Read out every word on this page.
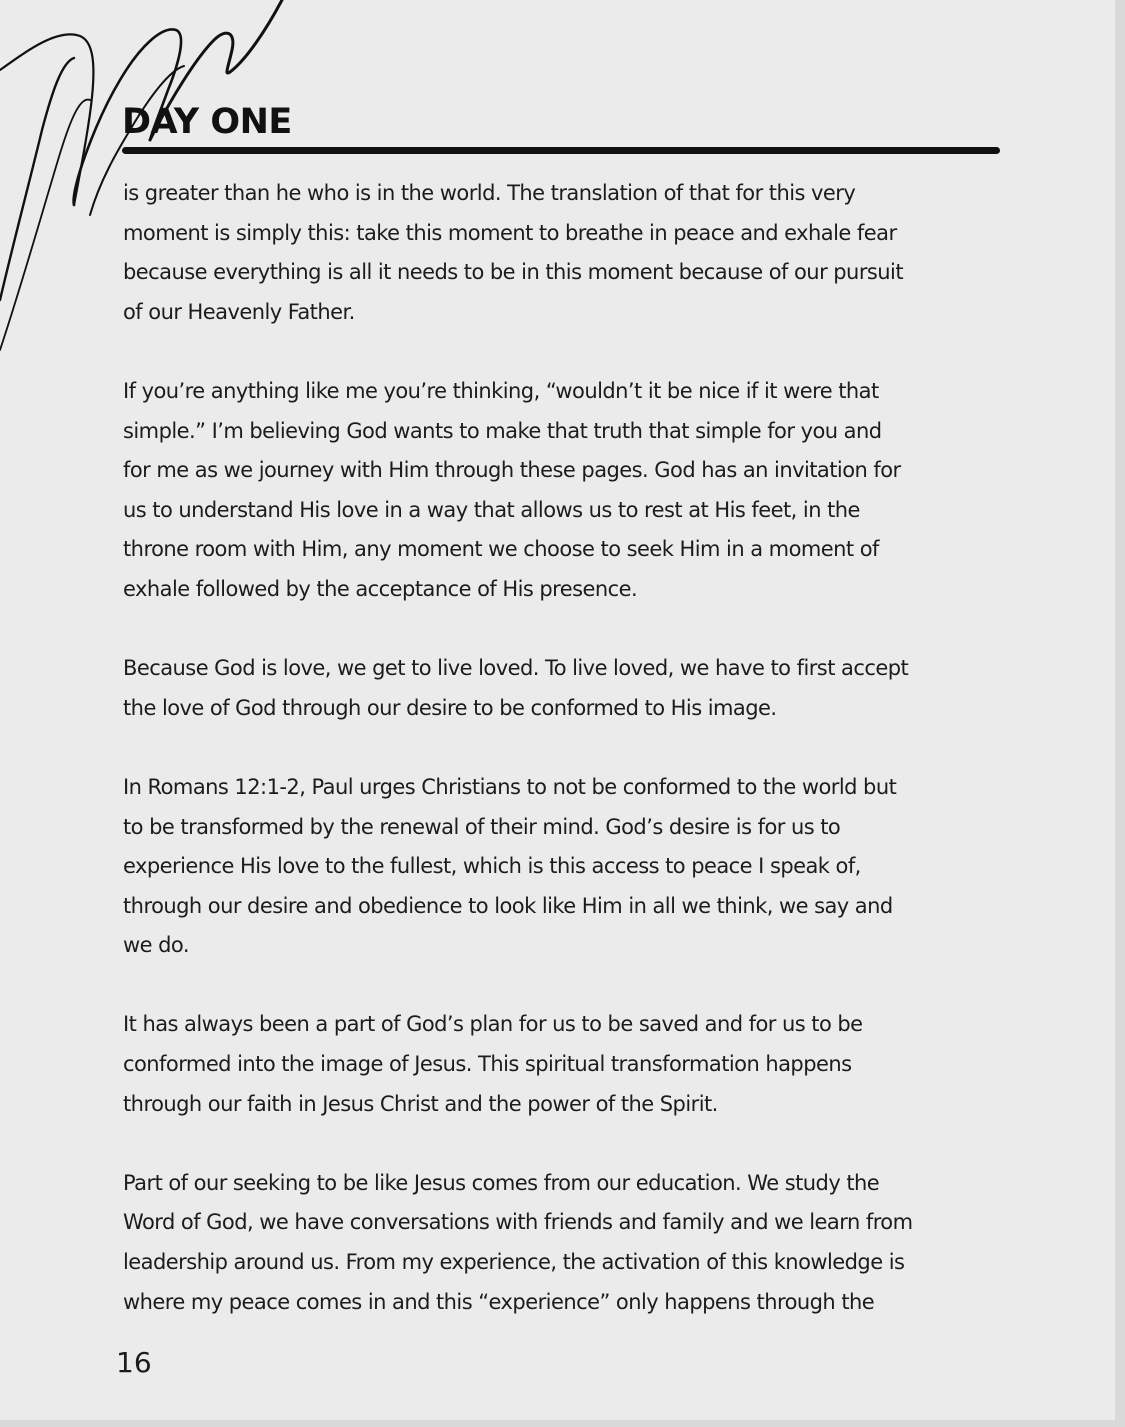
DAY ONE

is greater than he who is in the world. The translation of that for this very
moment is simply this: take this moment to breathe in peace and exhale fear
because everything is all it needs to be in this moment because of our pursuit
of our Heavenly Father.

If you’re anything like me you’re thinking, “wouldn’t it be nice if it were that
simple.” I’m believing God wants to make that truth that simple for you and
for me as we journey with Him through these pages. God has an invitation for
us to understand His love in a way that allows us to rest at His feet, in the
throne room with Him, any moment we choose to seek Him in a moment of
exhale followed by the acceptance of His presence.

Because God is love, we get to live loved. To live loved, we have to first accept
the love of God through our desire to be conformed to His image.

In Romans 12:1-2, Paul urges Christians to not be conformed to the world but
to be transformed by the renewal of their mind. God’s desire is for us to
experience His love to the fullest, which is this access to peace I speak of,
through our desire and obedience to look like Him in all we think, we say and
we do.

It has always been a part of God’s plan for us to be saved and for us to be
conformed into the image of Jesus. This spiritual transformation happens
through our faith in Jesus Christ and the power of the Spirit.

Part of our seeking to be like Jesus comes from our education. We study the
Word of God, we have conversations with friends and family and we learn from
leadership around us. From my experience, the activation of this knowledge is
where my peace comes in and this “experience” only happens through the

16
